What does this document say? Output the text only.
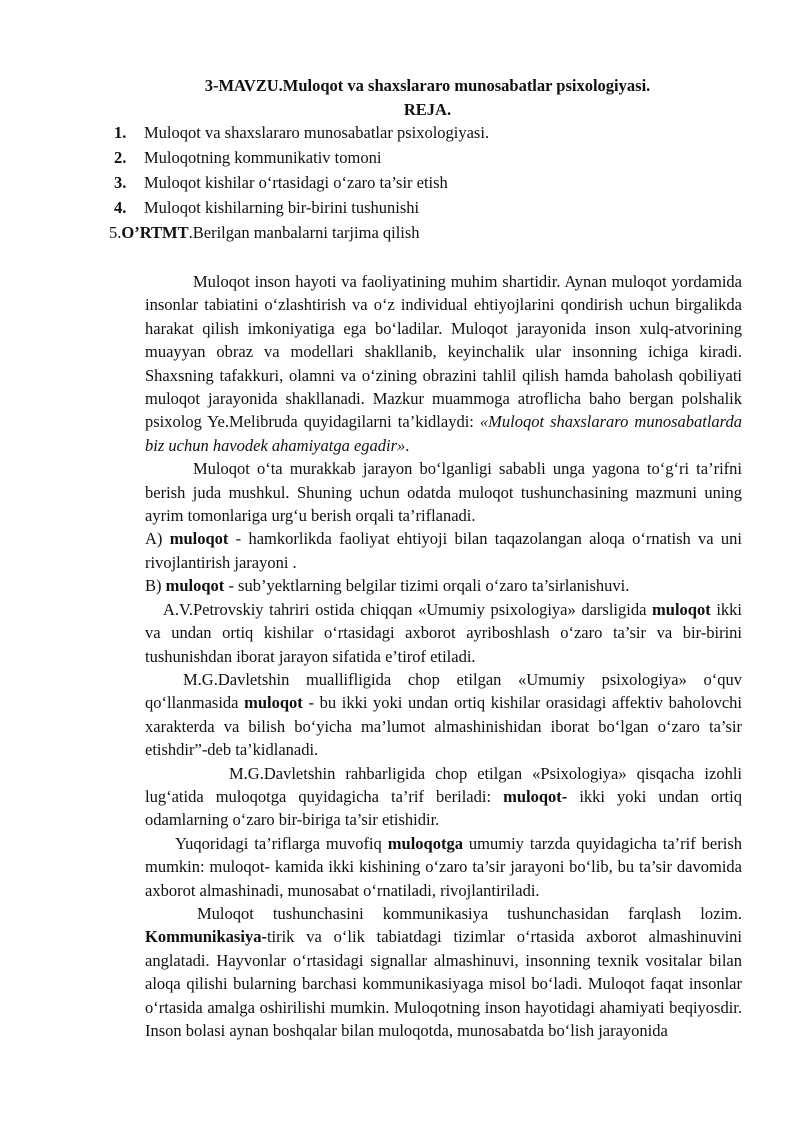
3-MAVZU.Muloqot va shaxslararo munosabatlar psixologiyasi.
REJA.
1. Muloqot va shaxslararo munosabatlar psixologiyasi.
2. Muloqotning kommunikativ tomoni
3. Muloqot kishilar o‘rtasidagi o‘zaro ta’sir etish
4. Muloqot kishilarning bir-birini tushunishi
5.O’RTMT.Berilgan manbalarni tarjima qilish

Muloqot inson hayoti va faoliyatining muhim shartidir. Aynan muloqot yordamida insonlar tabiatini o‘zlashtirish va o‘z individual ehtiyojlarini qondirish uchun birgalikda harakat qilish imkoniyatiga ega bo‘ladilar. Muloqot jarayonida inson xulq-atvorining muayyan obraz va modellari shakllanib, keyinchalik ular insonning ichiga kiradi. Shaxsning tafakkuri, olamni va o‘zining obrazini tahlil qilish hamda baholash qobiliyati muloqot jarayonida shakllanadi. Mazkur muammoga atroflicha baho bergan polshalik psixolog Ye.Melibruda quyidagilarni ta’kidlaydi: «Muloqot shaxslararo munosabatlarda biz uchun havodek ahamiyatga egadir».

Muloqot o‘ta murakkab jarayon bo‘lganligi sababli unga yagona to‘g‘ri ta’rifni berish juda mushkul. Shuning uchun odatda muloqot tushunchasining mazmuni uning ayrim tomonlariga urg‘u berish orqali ta’riflanadi.

A) muloqot - hamkorlikda faoliyat ehtiyoji bilan taqazolangan aloqa o‘rnatish va uni rivojlantirish jarayoni .

B) muloqot - sub’yektlarning belgilar tizimi orqali o‘zaro ta’sirlanishuvi.

A.V.Petrovskiy tahriri ostida chiqqan «Umumiy psixologiya» darsligida muloqot ikki va undan ortiq kishilar o‘rtasidagi axborot ayriboshlash o‘zaro ta’sir va bir-birini tushunishdan iborat jarayon sifatida e’tirof etiladi.

M.G.Davletshin muallifligida chop etilgan «Umumiy psixologiya» o‘quv qo‘llanmasida muloqot - bu ikki yoki undan ortiq kishilar orasidagi affektiv baholovchi xarakterda va bilish bo‘yicha ma’lumot almashinishidan iborat bo‘lgan o‘zaro ta’sir etishdir”-deb ta’kidlanadi.

M.G.Davletshin rahbarligida chop etilgan «Psixologiya» qisqacha izohli lug‘atida muloqotga quyidagicha ta’rif beriladi: muloqot- ikki yoki undan ortiq odamlarning o‘zaro bir-biriga ta’sir etishidir.

Yuqoridagi ta’riflarga muvofiq muloqotga umumiy tarzda quyidagicha ta’rif berish mumkin: muloqot- kamida ikki kishining o‘zaro ta’sir jarayoni bo‘lib, bu ta’sir davomida axborot almashinadi, munosabat o‘rnatiladi, rivojlantiriladi.

Muloqot tushunchasini kommunikasiya tushunchasidan farqlash lozim. Kommunikasiya-tirik va o‘lik tabiatdagi tizimlar o‘rtasida axborot almashinuvini anglatadi. Hayvonlar o‘rtasidagi signallar almashinuvi, insonning texnik vositalar bilan aloqa qilishi bularning barchasi kommunikasiyaga misol bo‘ladi. Muloqot faqat insonlar o‘rtasida amalga oshirilishi mumkin. Muloqotning inson hayotidagi ahamiyati beqiyosdir. Inson bolasi aynan boshqalar bilan muloqotda, munosabatda bo‘lish jarayonida
